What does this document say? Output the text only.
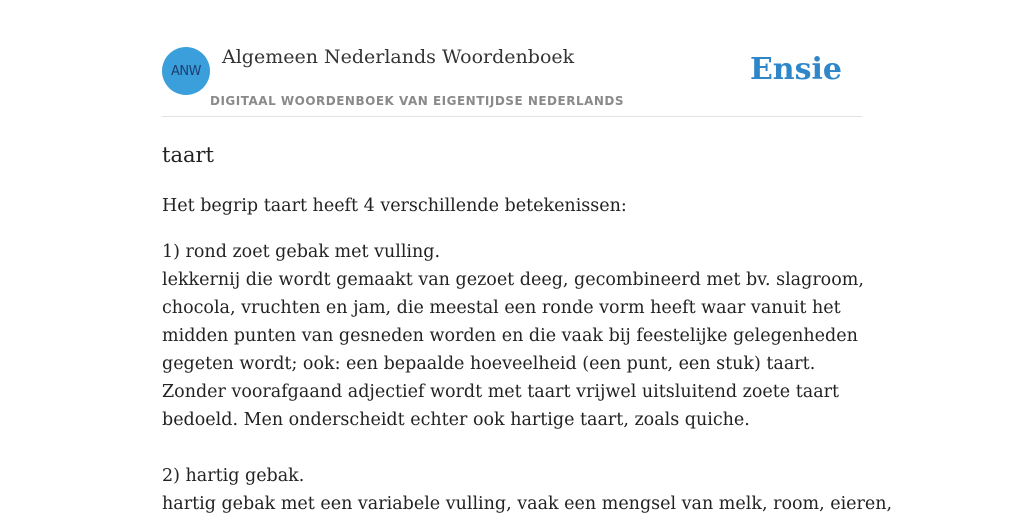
ANW
Algemeen Nederlands Woordenboek
DIGITAAL WOORDENBOEK VAN EIGENTIJDSE NEDERLANDS
Ensie
taart

Het begrip taart heeft 4 verschillende betekenissen:

1) rond zoet gebak met vulling.
lekkernij die wordt gemaakt van gezoet deeg, gecombineerd met bv. slagroom,
chocola, vruchten en jam, die meestal een ronde vorm heeft waar vanuit het
midden punten van gesneden worden en die vaak bij feestelijke gelegenheden
gegeten wordt; ook: een bepaalde hoeveelheid (een punt, een stuk) taart.
Zonder voorafgaand adjectief wordt met taart vrijwel uitsluitend zoete taart
bedoeld. Men onderscheidt echter ook hartige taart, zoals quiche.
2) hartig gebak.
hartig gebak met een variabele vulling, vaak een mengsel van melk, room, eieren,
